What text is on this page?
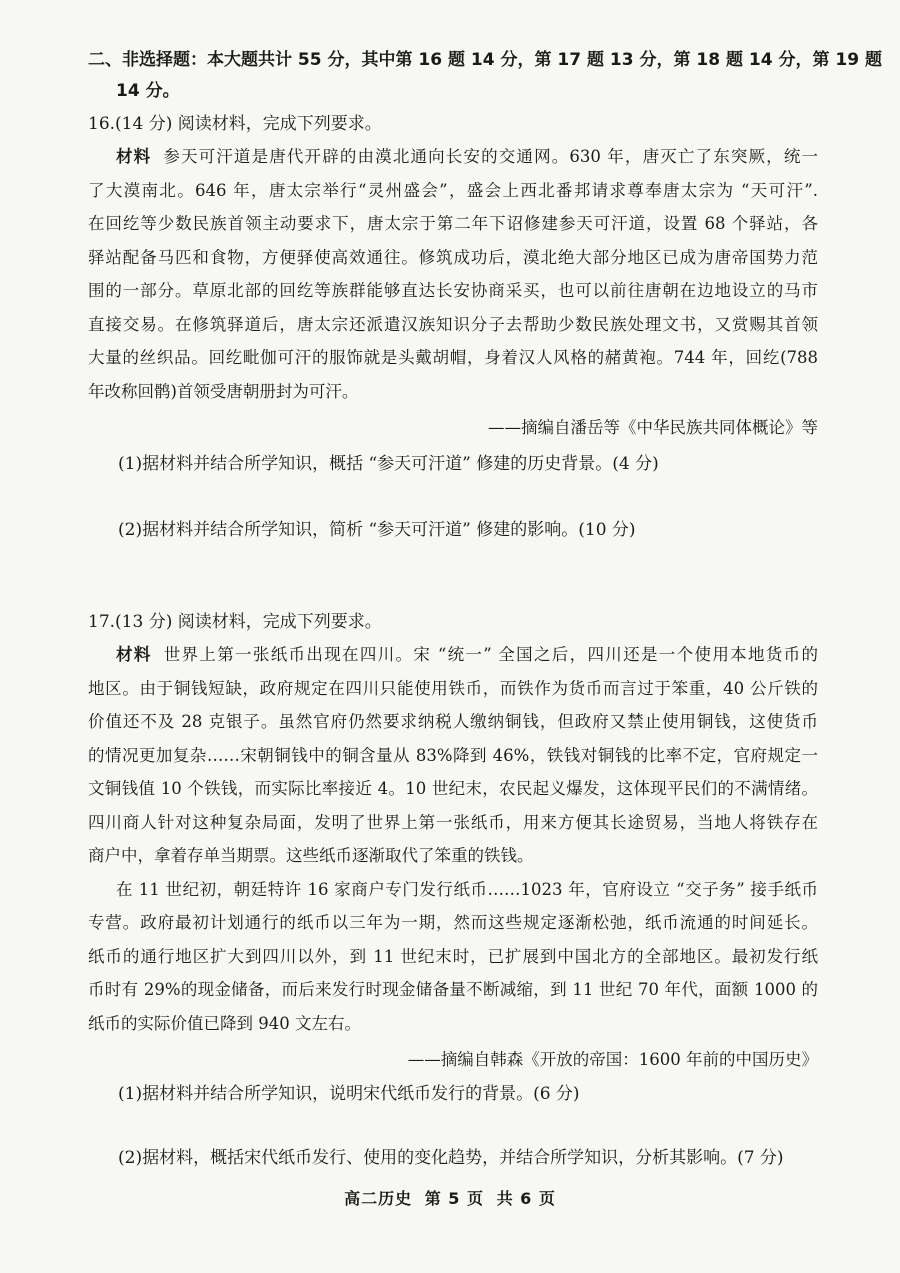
二、非选择题：本大题共计 55 分，其中第 16 题 14 分，第 17 题 13 分，第 18 题 14 分，第 19 题
14 分。
16.(14 分) 阅读材料，完成下列要求。

材料 参天可汗道是唐代开辟的由漠北通向长安的交通网。630 年，唐灭亡了东突厥，统一

了大漠南北。646 年，唐太宗举行“灵州盛会”，盛会上西北番邦请求尊奉唐太宗为 “天可汗”.

在回纥等少数民族首领主动要求下，唐太宗于第二年下诏修建参天可汗道，设置 68 个驿站，各

驿站配备马匹和食物，方便驿使高效通往。修筑成功后，漠北绝大部分地区已成为唐帝国势力范

围的一部分。草原北部的回纥等族群能够直达长安协商采买，也可以前往唐朝在边地设立的马市

直接交易。在修筑驿道后，唐太宗还派遣汉族知识分子去帮助少数民族处理文书，又赏赐其首领

大量的丝织品。回纥毗伽可汗的服饰就是头戴胡帽，身着汉人风格的赭黄袍。744 年，回纥(788

年改称回鹘)首领受唐朝册封为可汗。

——摘编自潘岳等《中华民族共同体概论》等
(1)据材料并结合所学知识，概括 “参天可汗道” 修建的历史背景。(4 分)
(2)据材料并结合所学知识，简析 “参天可汗道” 修建的影响。(10 分)
17.(13 分) 阅读材料，完成下列要求。

材料 世界上第一张纸币出现在四川。宋 “统一” 全国之后，四川还是一个使用本地货币的

地区。由于铜钱短缺，政府规定在四川只能使用铁币，而铁作为货币而言过于笨重，40 公斤铁的

价值还不及 28 克银子。虽然官府仍然要求纳税人缴纳铜钱，但政府又禁止使用铜钱，这使货币

的情况更加复杂……宋朝铜钱中的铜含量从 83%降到 46%，铁钱对铜钱的比率不定，官府规定一

文铜钱值 10 个铁钱，而实际比率接近 4。10 世纪末，农民起义爆发，这体现平民们的不满情绪。

四川商人针对这种复杂局面，发明了世界上第一张纸币，用来方便其长途贸易，当地人将铁存在

商户中，拿着存单当期票。这些纸币逐渐取代了笨重的铁钱。

在 11 世纪初，朝廷特许 16 家商户专门发行纸币……1023 年，官府设立 “交子务” 接手纸币

专营。政府最初计划通行的纸币以三年为一期，然而这些规定逐渐松弛，纸币流通的时间延长。

纸币的通行地区扩大到四川以外，到 11 世纪末时，已扩展到中国北方的全部地区。最初发行纸

币时有 29%的现金储备，而后来发行时现金储备量不断减缩，到 11 世纪 70 年代，面额 1000 的

纸币的实际价值已降到 940 文左右。

——摘编自韩森《开放的帝国：1600 年前的中国历史》
(1)据材料并结合所学知识，说明宋代纸币发行的背景。(6 分)
(2)据材料，概括宋代纸币发行、使用的变化趋势，并结合所学知识，分析其影响。(7 分)
高二历史 第 5 页 共 6 页
